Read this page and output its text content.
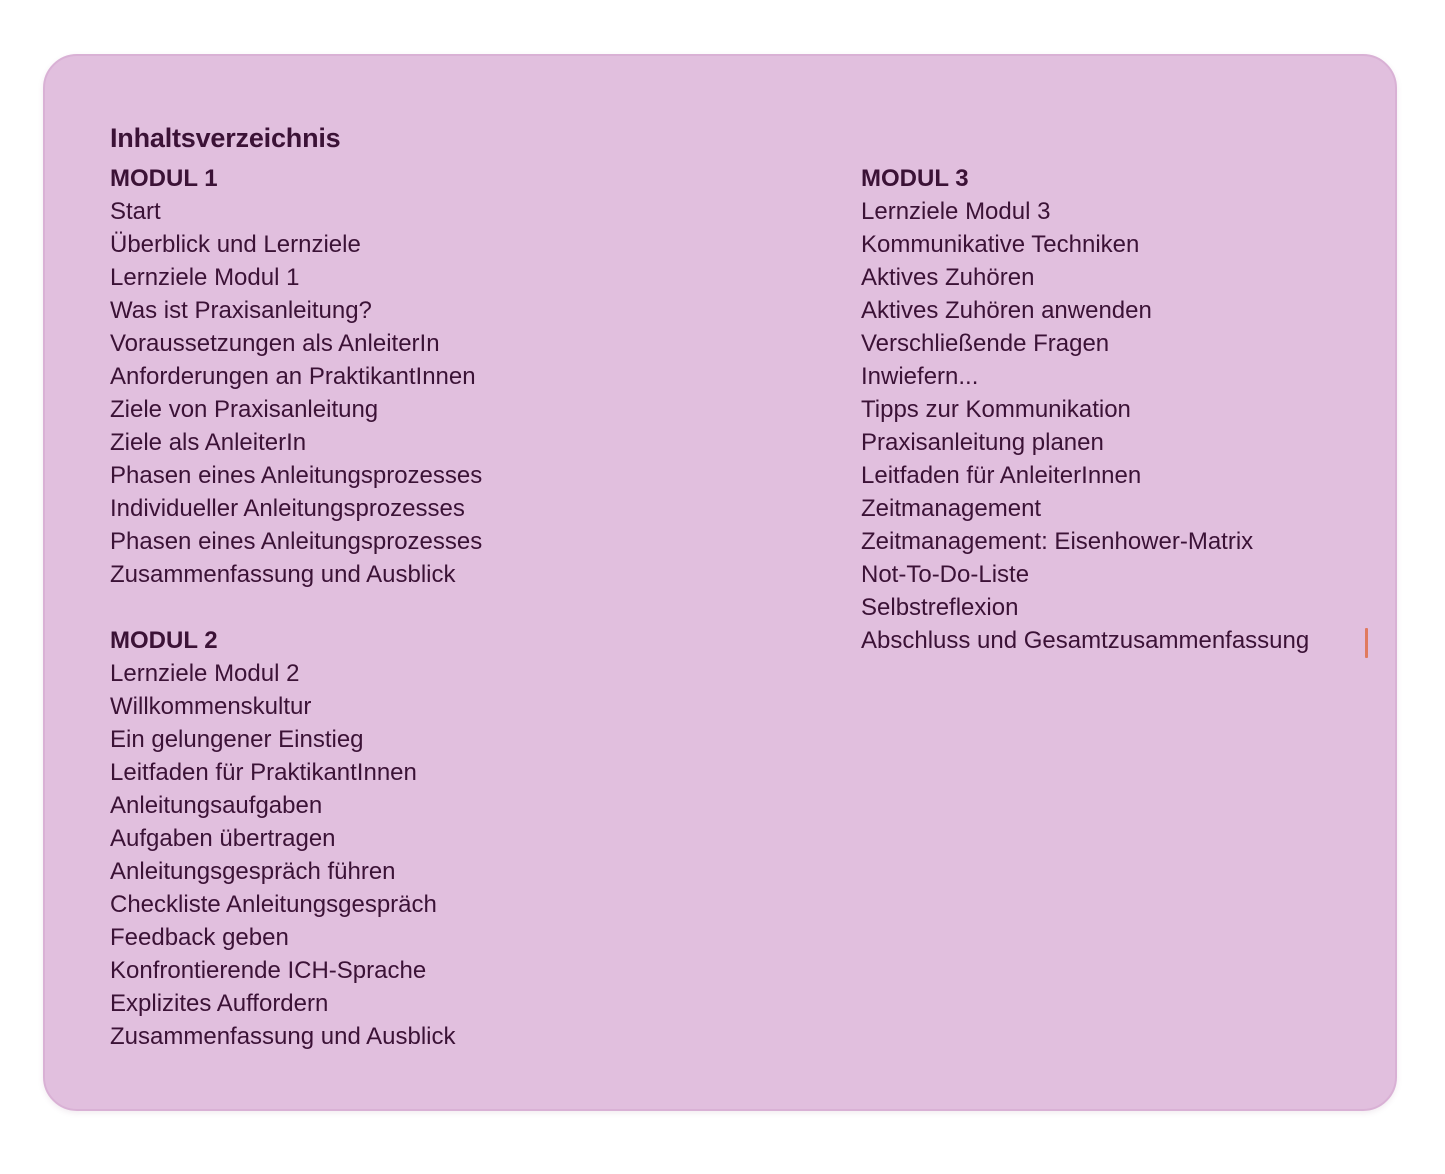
Inhaltsverzeichnis
MODUL 1
Start
Überblick und Lernziele
Lernziele Modul 1
Was ist Praxisanleitung?
Voraussetzungen als AnleiterIn
Anforderungen an PraktikantInnen
Ziele von Praxisanleitung
Ziele als AnleiterIn
Phasen eines Anleitungsprozesses
Individueller Anleitungsprozesses
Phasen eines Anleitungsprozesses
Zusammenfassung und Ausblick
MODUL 2
Lernziele Modul 2
Willkommenskultur
Ein gelungener Einstieg
Leitfaden für PraktikantInnen
Anleitungsaufgaben
Aufgaben übertragen
Anleitungsgespräch führen
Checkliste Anleitungsgespräch
Feedback geben
Konfrontierende ICH-Sprache
Explizites Auffordern
Zusammenfassung und Ausblick
MODUL 3
Lernziele Modul 3
Kommunikative Techniken
Aktives Zuhören
Aktives Zuhören anwenden
Verschließende Fragen
Inwiefern...
Tipps zur Kommunikation
Praxisanleitung planen
Leitfaden für AnleiterInnen
Zeitmanagement
Zeitmanagement: Eisenhower-Matrix
Not-To-Do-Liste
Selbstreflexion
Abschluss und Gesamtzusammenfassung
